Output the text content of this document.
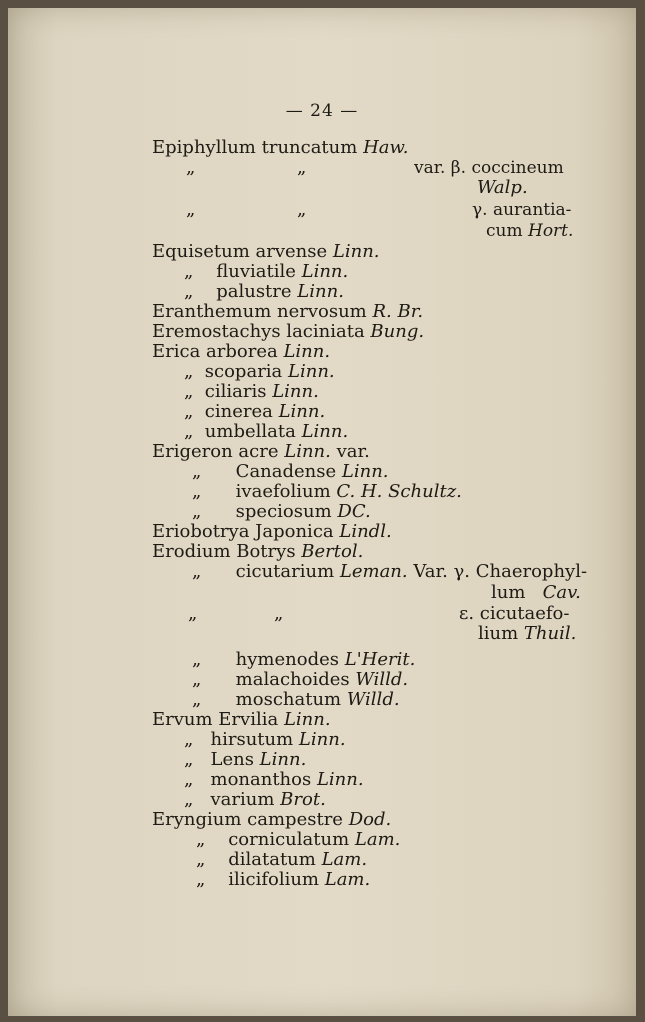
— 24 —
Epiphyllum truncatum Haw.
„	„	var. β. coccineum
Walp.
„	„	γ. aurantia-
cum Hort.
Equisetum arvense Linn.
„ fluviatile Linn.
„ palustre Linn.
Eranthemum nervosum R. Br.
Eremostachys laciniata Bung.
Erica arborea Linn.
„ scoparia Linn.
„ ciliaris Linn.
„ cinerea Linn.
„ umbellata Linn.
Erigeron acre Linn. var.
„ Canadense Linn.
„ ivaefolium C. H. Schultz.
„ speciosum DC.
Eriobotrya Japonica Lindl.
Erodium Botrys Bertol.
„ cicutarium Leman. Var. γ. Chaerophyl-
lum Cav.
„	„	ε. cicutaefo-
lium Thuil.
„ hymenodes L'Herit.
„ malachoides Willd.
„ moschatum Willd.
Ervum Ervilia Linn.
„ hirsutum Linn.
„ Lens Linn.
„ monanthos Linn.
„ varium Brot.
Eryngium campestre Dod.
„ corniculatum Lam.
„ dilatatum Lam.
„ ilicifolium Lam.
